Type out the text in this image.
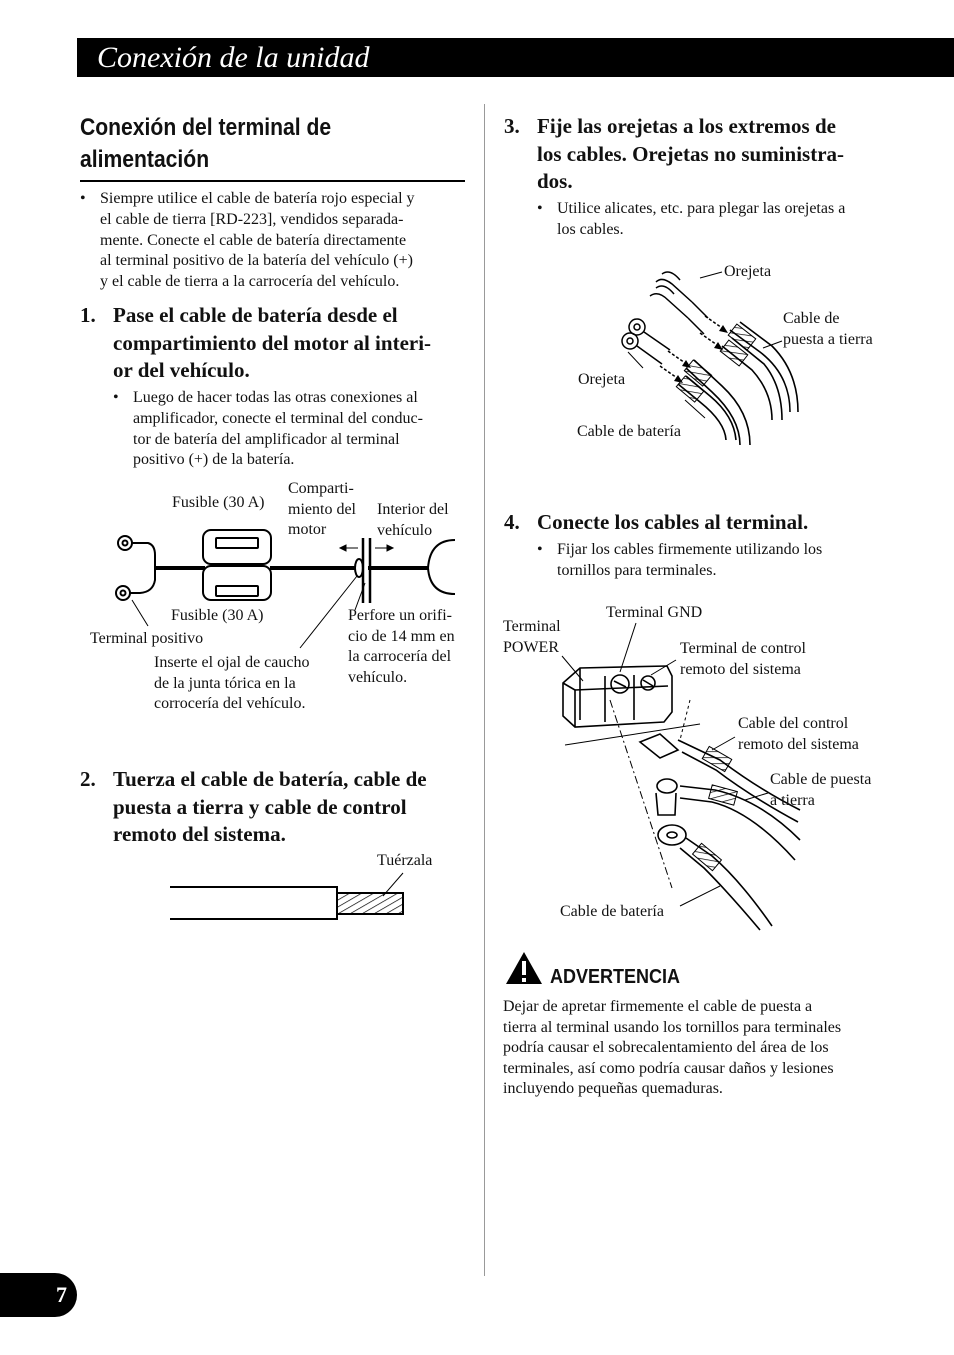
Conexión de la unidad
Conexión del terminal de alimentación
• Siempre utilice el cable de batería rojo especial y
el cable de tierra [RD-223], vendidos separada-
mente. Conecte el cable de batería directamente
al terminal positivo de la batería del vehículo (+)
y el cable de tierra a la carrocería del vehículo.
1. Pase el cable de batería desde el
compartimiento del motor al interi-
or del vehículo.
• Luego de hacer todas las otras conexiones al
amplificador, conecte el terminal del conduc-
tor de batería del amplificador al terminal
positivo (+) de la batería.
Fusible (30 A)
Comparti-
miento del
motor
Interior del
vehículo
Fusible (30 A)
Terminal positivo
Inserte el ojal de caucho
de la junta tórica en la
corrocería del vehículo.
Perfore un orifi-
cio de 14 mm en
la carrocería del
vehículo.
2. Tuerza el cable de batería, cable de
puesta a tierra y cable de control
remoto del sistema.
Tuérzala
3. Fije las orejetas a los extremos de
los cables. Orejetas no suministra-
dos.
• Utilice alicates, etc. para plegar las orejetas a
los cables.
Orejeta
Cable de
puesta a tierra
Orejeta
Cable de batería
4. Conecte los cables al terminal.
• Fijar los cables firmemente utilizando los
tornillos para terminales.
Terminal
POWER
Terminal GND
Terminal de control
remoto del sistema
Cable del control
remoto del sistema
Cable de puesta
a tierra
Cable de batería
ADVERTENCIA
Dejar de apretar firmemente el cable de puesta a
tierra al terminal usando los tornillos para terminales
podría causar el sobrecalentamiento del área de los
terminales, así como podría causar daños y lesiones
incluyendo pequeñas quemaduras.
7
